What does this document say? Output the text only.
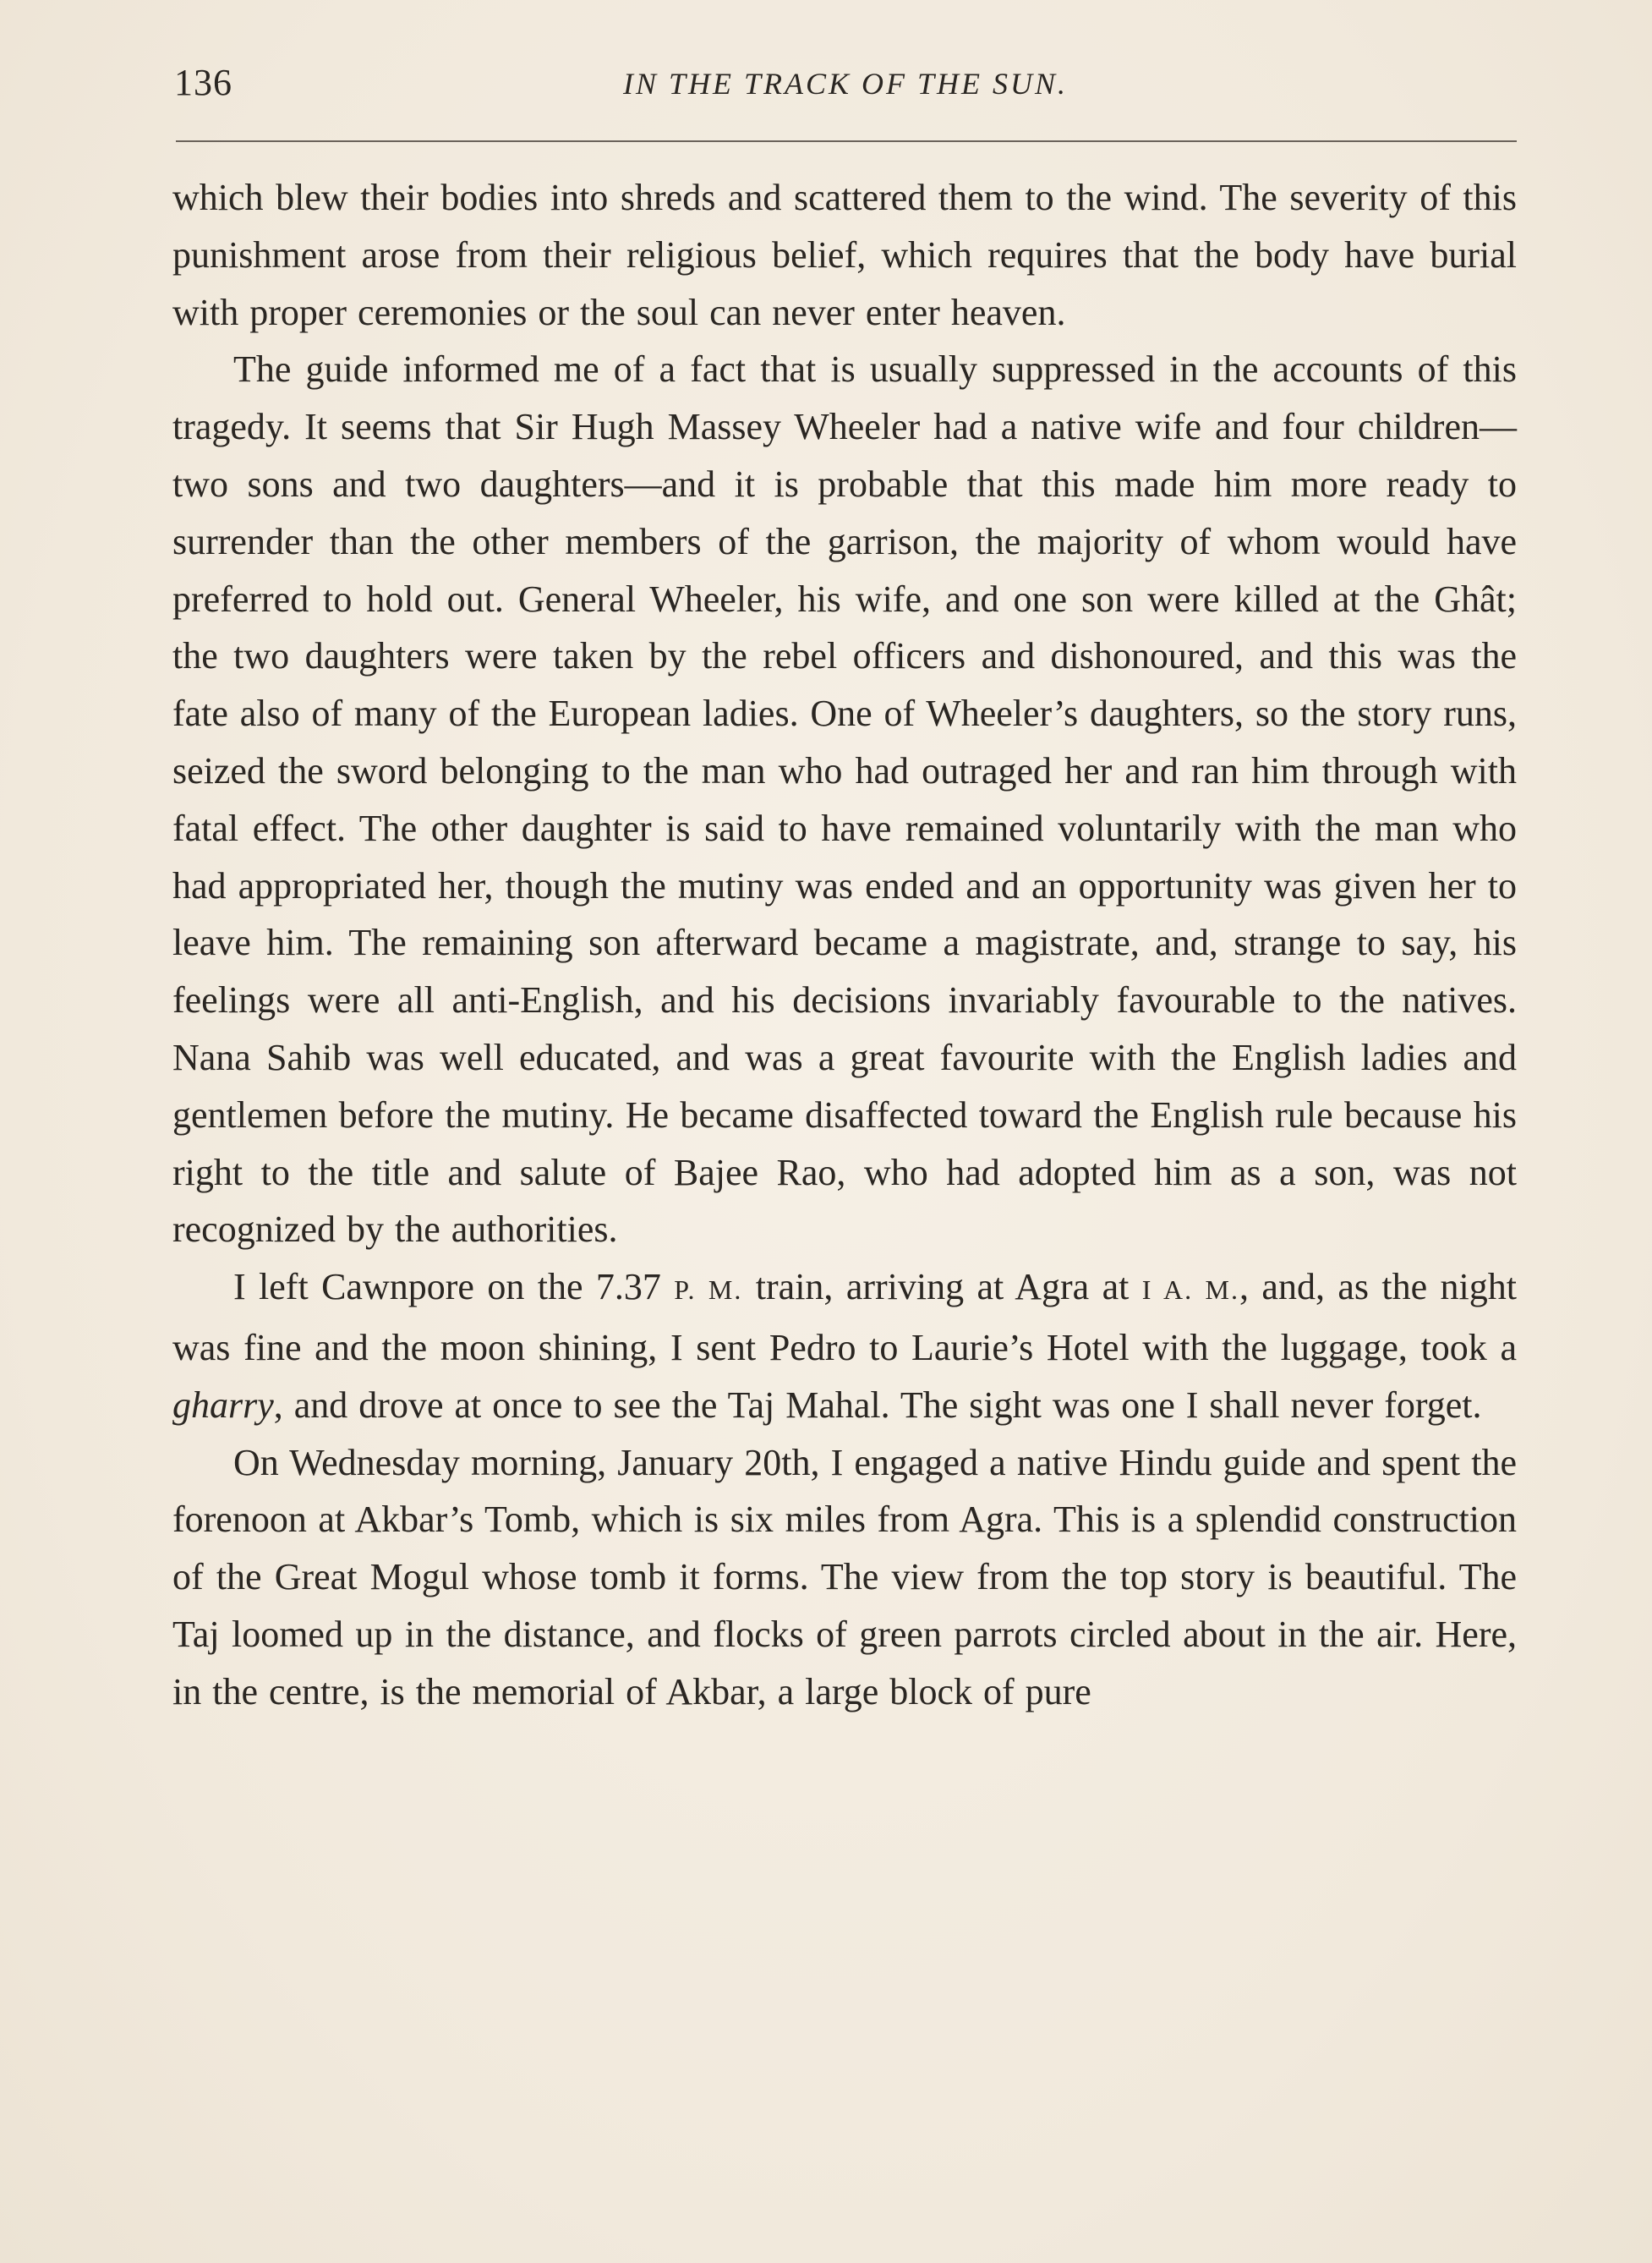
136	IN THE TRACK OF THE SUN.

which blew their bodies into shreds and scattered them to the wind. The severity of this punishment arose from their religious belief, which requires that the body have burial with proper ceremonies or the soul can never enter heaven.

The guide informed me of a fact that is usually suppressed in the accounts of this tragedy. It seems that Sir Hugh Massey Wheeler had a native wife and four children—two sons and two daughters—and it is probable that this made him more ready to surrender than the other members of the garrison, the majority of whom would have preferred to hold out. General Wheeler, his wife, and one son were killed at the Ghât; the two daughters were taken by the rebel officers and dishonoured, and this was the fate also of many of the European ladies. One of Wheeler’s daughters, so the story runs, seized the sword belonging to the man who had outraged her and ran him through with fatal effect. The other daughter is said to have remained voluntarily with the man who had appropriated her, though the mutiny was ended and an opportunity was given her to leave him. The remaining son afterward became a magistrate, and, strange to say, his feelings were all anti-English, and his decisions invariably favourable to the natives. Nana Sahib was well educated, and was a great favourite with the English ladies and gentlemen before the mutiny. He became disaffected toward the English rule because his right to the title and salute of Bajee Rao, who had adopted him as a son, was not recognized by the authorities.

I left Cawnpore on the 7.37 P. M. train, arriving at Agra at I A. M., and, as the night was fine and the moon shining, I sent Pedro to Laurie’s Hotel with the luggage, took a gharry, and drove at once to see the Taj Mahal. The sight was one I shall never forget.

On Wednesday morning, January 20th, I engaged a native Hindu guide and spent the forenoon at Akbar’s Tomb, which is six miles from Agra. This is a splendid construction of the Great Mogul whose tomb it forms. The view from the top story is beautiful. The Taj loomed up in the distance, and flocks of green parrots circled about in the air. Here, in the centre, is the memorial of Akbar, a large block of pure
